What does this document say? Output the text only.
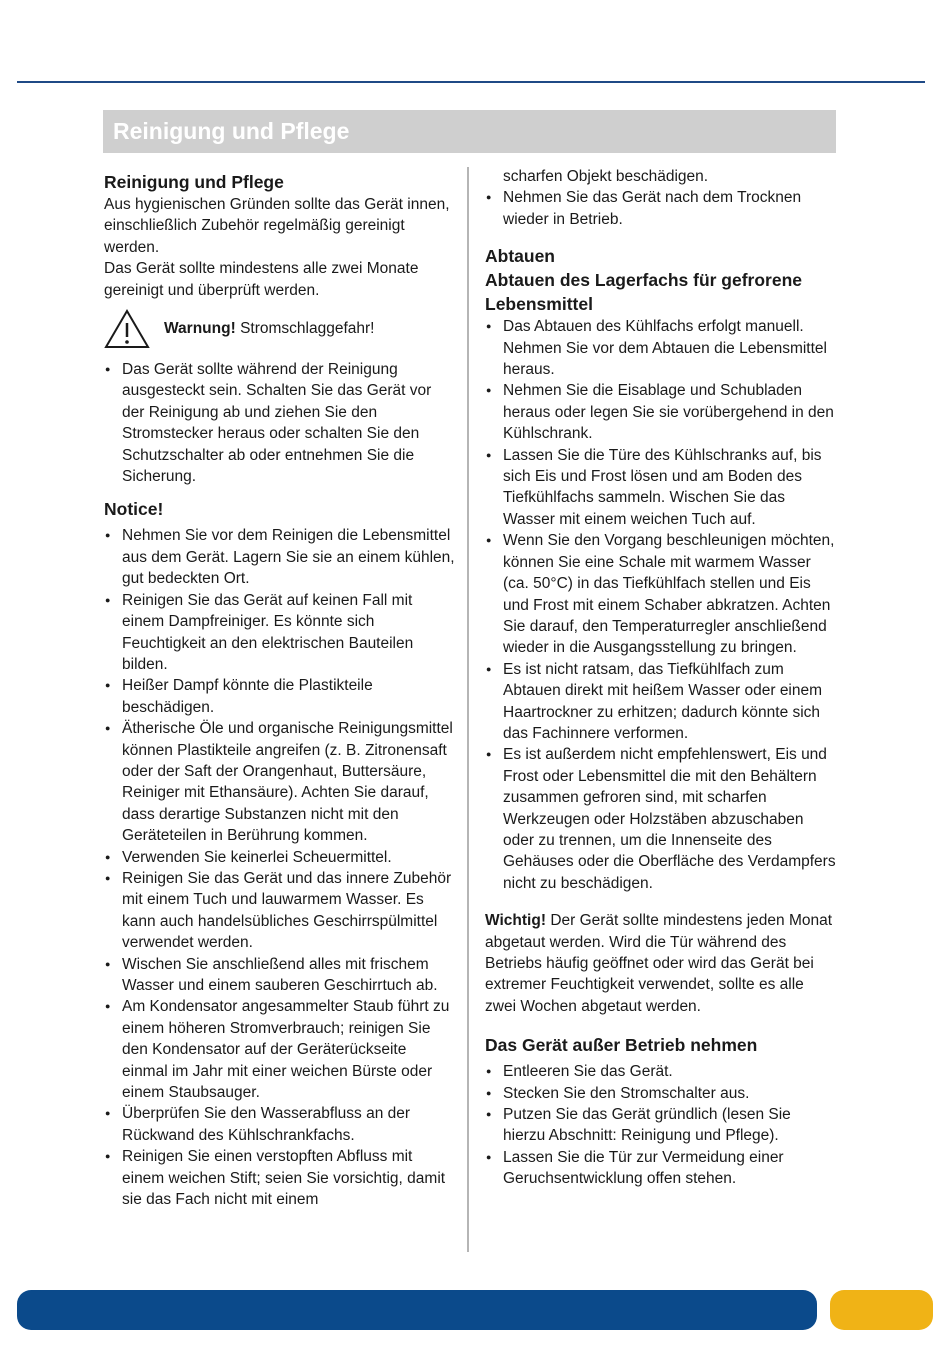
Reinigung und Pflege
Reinigung und Pflege

Aus hygienischen Gründen sollte das Gerät innen, einschließlich Zubehör regelmäßig gereinigt werden.

Das Gerät sollte mindestens alle zwei Monate gereinigt und überprüft werden.

Warnung! Stromschlaggefahr!
● Das Gerät sollte während der Reinigung ausgesteckt sein. Schalten Sie das Gerät vor der Reinigung ab und ziehen Sie den Stromstecker heraus oder schalten Sie den Schutzschalter ab oder entnehmen Sie die Sicherung.
Notice!
● Nehmen Sie vor dem Reinigen die Lebensmittel aus dem Gerät. Lagern Sie sie an einem kühlen, gut bedeckten Ort.
● Reinigen Sie das Gerät auf keinen Fall mit einem Dampfreiniger. Es könnte sich Feuchtigkeit an den elektrischen Bauteilen bilden.
● Heißer Dampf könnte die Plastikteile beschädigen.
● Ätherische Öle und organische Reinigungsmittel können Plastikteile angreifen (z. B. Zitronensaft oder der Saft der Orangenhaut, Buttersäure, Reiniger mit Ethansäure). Achten Sie darauf, dass derartige Substanzen nicht mit den Geräteteilen in Berührung kommen.
● Verwenden Sie keinerlei Scheuermittel.
● Reinigen Sie das Gerät und das innere Zubehör mit einem Tuch und lauwarmem Wasser. Es kann auch handelsübliches Geschirrspülmittel verwendet werden.
● Wischen Sie anschließend alles mit frischem Wasser und einem sauberen Geschirrtuch ab.
● Am Kondensator angesammelter Staub führt zu einem höheren Stromverbrauch; reinigen Sie den Kondensator auf der Geräterückseite einmal im Jahr mit einer weichen Bürste oder einem Staubsauger.
● Überprüfen Sie den Wasserabfluss an der Rückwand des Kühlschrankfachs.
● Reinigen Sie einen verstopften Abfluss mit einem weichen Stift; seien Sie vorsichtig, damit sie das Fach nicht mit einem
scharfen Objekt beschädigen.
● Nehmen Sie das Gerät nach dem Trocknen wieder in Betrieb.
Abtauen
Abtauen des Lagerfachs für gefrorene Lebensmittel
● Das Abtauen des Kühlfachs erfolgt manuell. Nehmen Sie vor dem Abtauen die Lebensmittel heraus.
● Nehmen Sie die Eisablage und Schubladen heraus oder legen Sie sie vorübergehend in den Kühlschrank.
● Lassen Sie die Türe des Kühlschranks auf, bis sich Eis und Frost lösen und am Boden des Tiefkühlfachs sammeln. Wischen Sie das Wasser mit einem weichen Tuch auf.
● Wenn Sie den Vorgang beschleunigen möchten, können Sie eine Schale mit warmem Wasser (ca. 50°C) in das Tiefkühlfach stellen und Eis und Frost mit einem Schaber abkratzen. Achten Sie darauf, den Temperaturregler anschließend wieder in die Ausgangsstellung zu bringen.
● Es ist nicht ratsam, das Tiefkühlfach zum Abtauen direkt mit heißem Wasser oder einem Haartrockner zu erhitzen; dadurch könnte sich das Fachinnere verformen.
● Es ist außerdem nicht empfehlenswert, Eis und Frost oder Lebensmittel die mit den Behältern zusammen gefroren sind, mit scharfen Werkzeugen oder Holzstäben abzuschaben oder zu trennen, um die Innenseite des Gehäuses oder die Oberfläche des Verdampfers nicht zu beschädigen.

Wichtig! Der Gerät sollte mindestens jeden Monat abgetaut werden. Wird die Tür während des Betriebs häufig geöffnet oder wird das Gerät bei extremer Feuchtigkeit verwendet, sollte es alle zwei Wochen abgetaut werden.

Das Gerät außer Betrieb nehmen
● Entleeren Sie das Gerät.
● Stecken Sie den Stromschalter aus.
● Putzen Sie das Gerät gründlich (lesen Sie hierzu Abschnitt: Reinigung und Pflege).
● Lassen Sie die Tür zur Vermeidung einer Geruchsentwicklung offen stehen.
